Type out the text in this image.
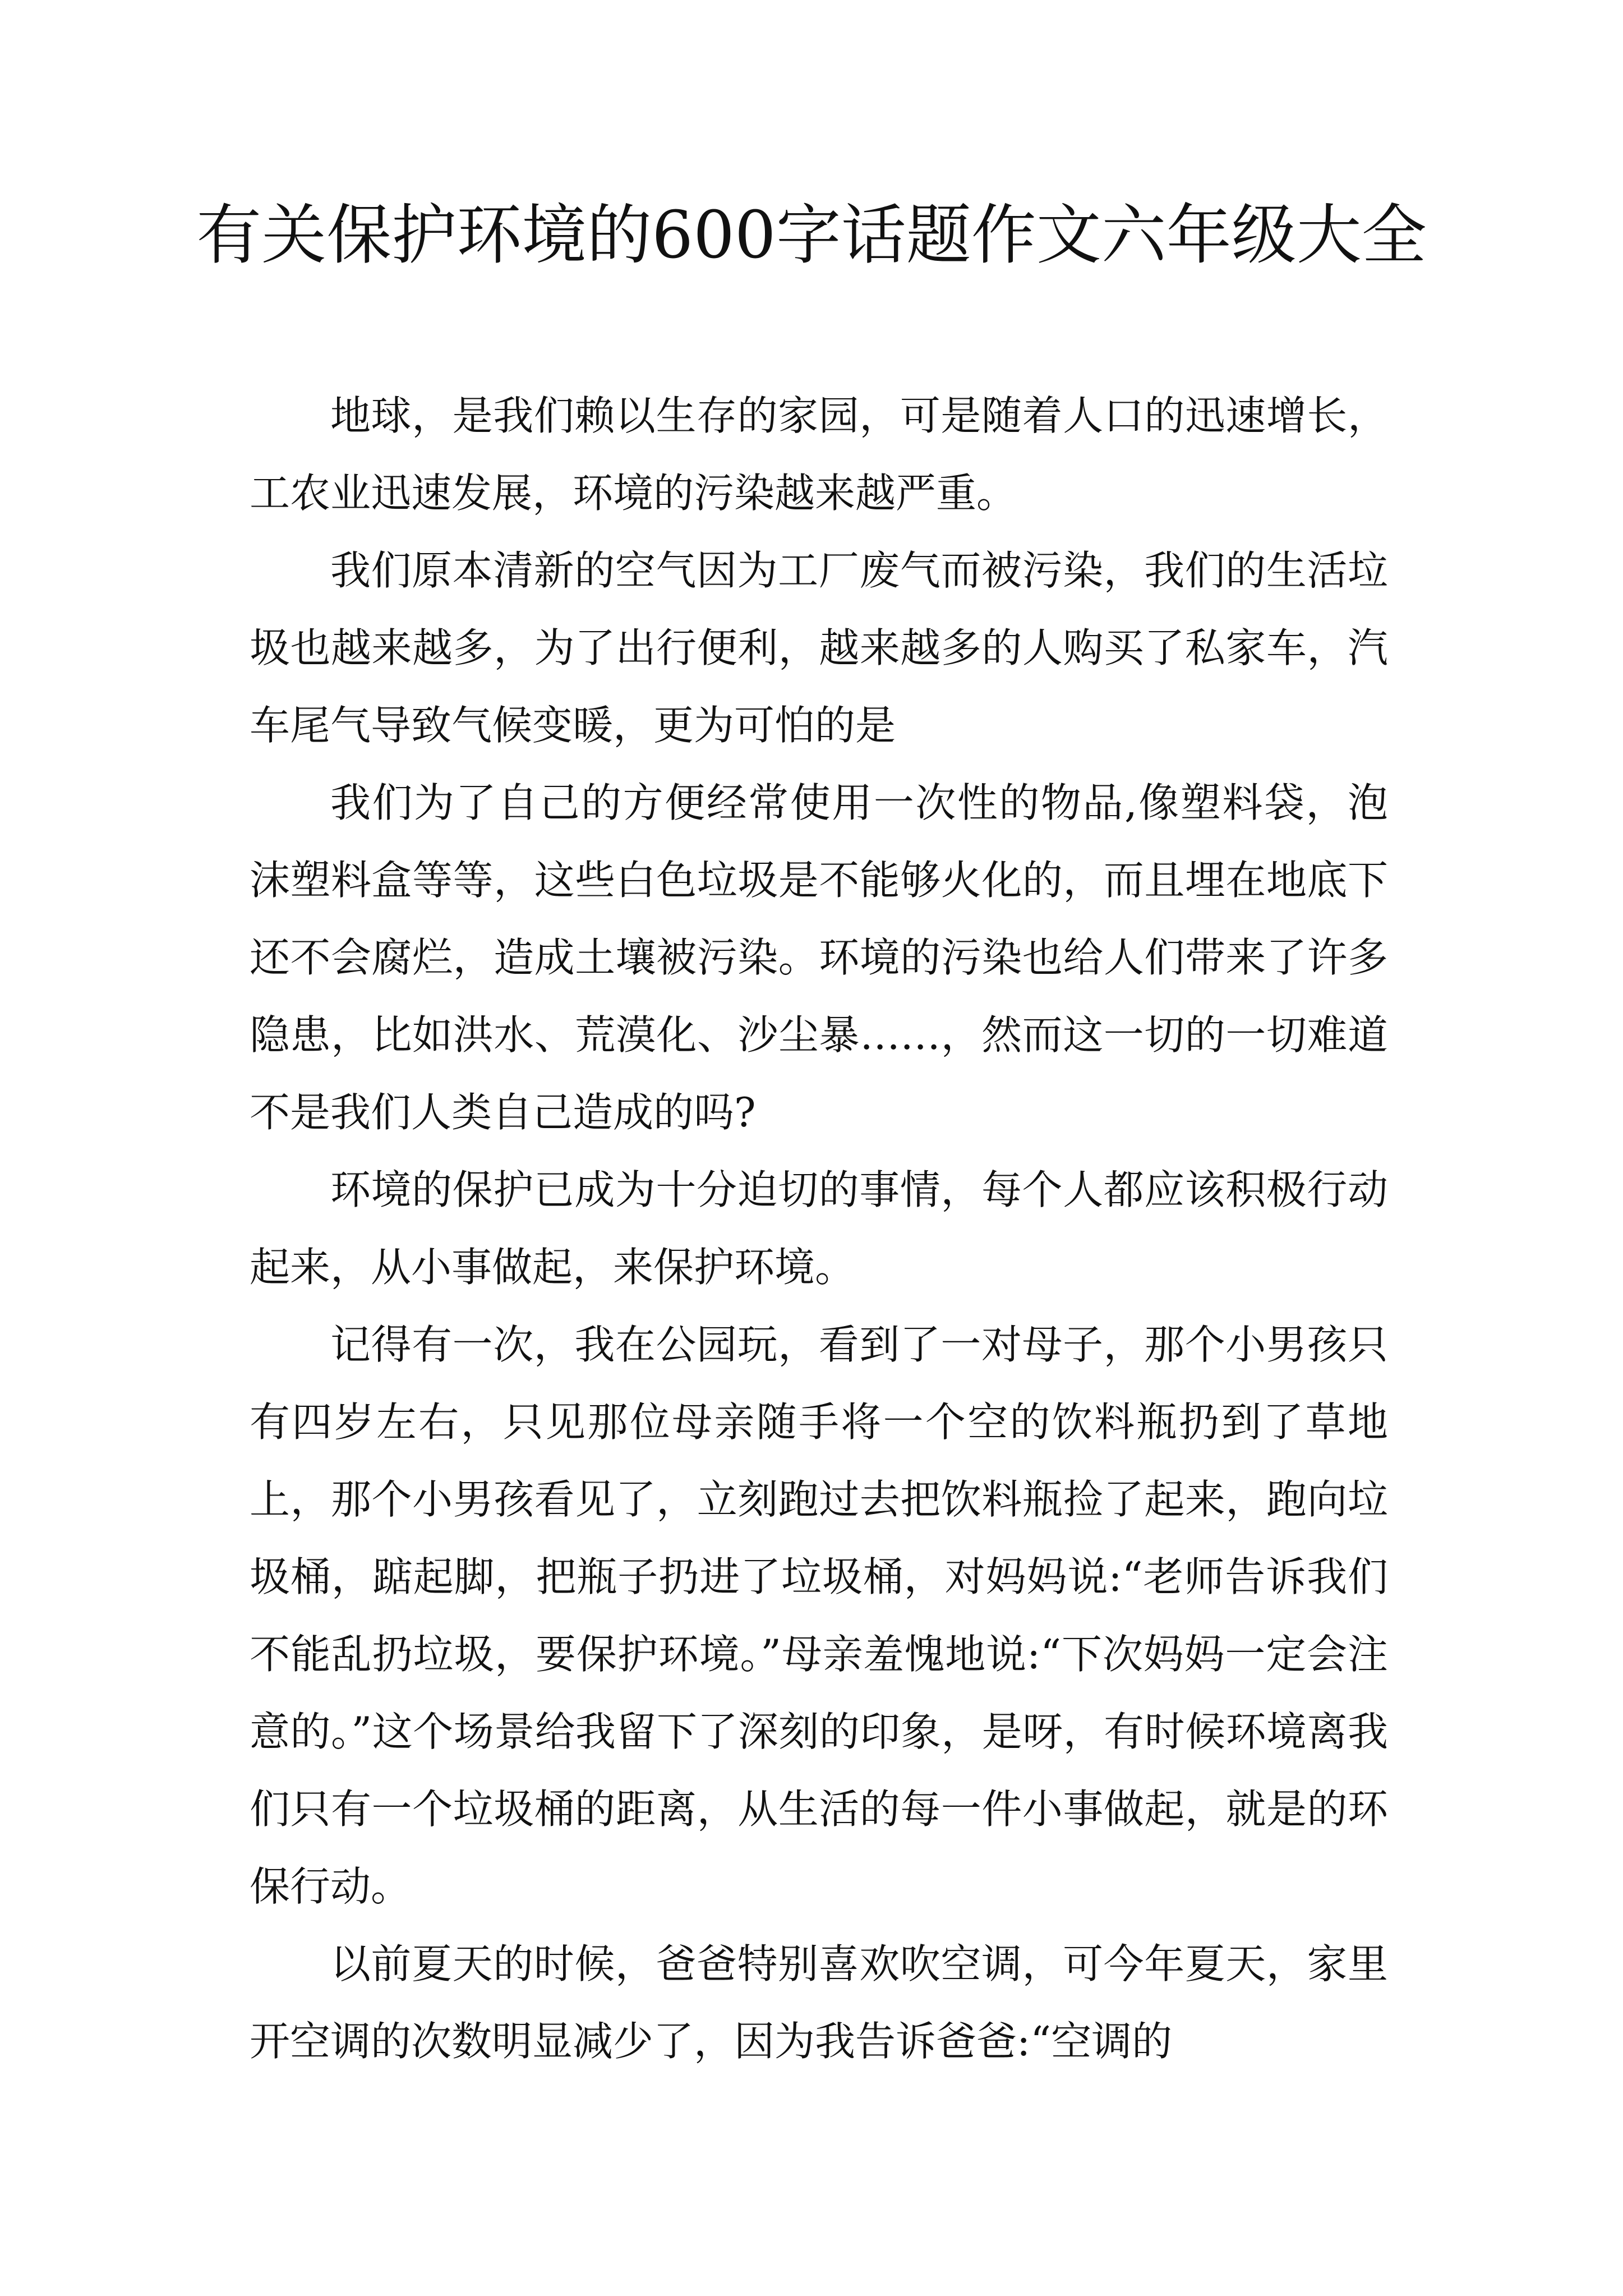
有关保护环境的600字话题作文六年级大全

地球，是我们赖以生存的家园，可是随着人口的迅速增长，工农业迅速发展，环境的污染越来越严重。

我们原本清新的空气因为工厂废气而被污染，我们的生活垃圾也越来越多，为了出行便利，越来越多的人购买了私家车，汽车尾气导致气候变暖，更为可怕的是

我们为了自己的方便经常使用一次性的物品,像塑料袋，泡沫塑料盒等等，这些白色垃圾是不能够火化的，而且埋在地底下还不会腐烂，造成土壤被污染。环境的污染也给人们带来了许多隐患，比如洪水、荒漠化、沙尘暴……，然而这一切的一切难道不是我们人类自己造成的吗?

环境的保护已成为十分迫切的事情，每个人都应该积极行动起来，从小事做起，来保护环境。

记得有一次，我在公园玩，看到了一对母子，那个小男孩只有四岁左右，只见那位母亲随手将一个空的饮料瓶扔到了草地上，那个小男孩看见了，立刻跑过去把饮料瓶捡了起来，跑向垃圾桶，踮起脚，把瓶子扔进了垃圾桶，对妈妈说:“老师告诉我们不能乱扔垃圾，要保护环境。”母亲羞愧地说:“下次妈妈一定会注意的。”这个场景给我留下了深刻的印象，是呀，有时候环境离我们只有一个垃圾桶的距离，从生活的每一件小事做起，就是的环保行动。

以前夏天的时候，爸爸特别喜欢吹空调，可今年夏天，家里开空调的次数明显减少了，因为我告诉爸爸:“空调的
